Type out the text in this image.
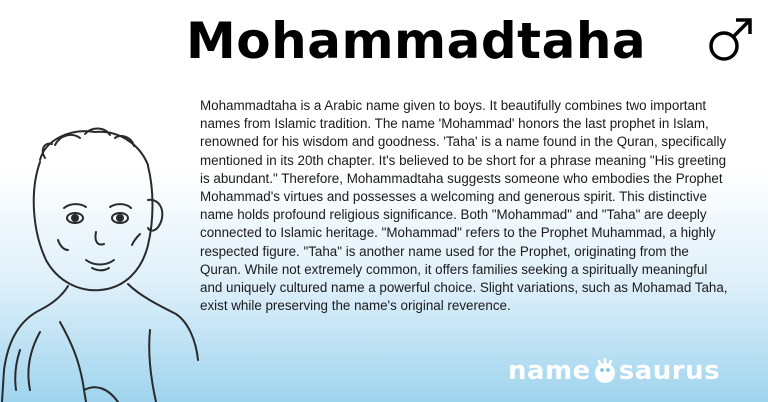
Mohammadtaha
Mohammadtaha is a Arabic name given to boys. It beautifully combines two important names from Islamic tradition. The name 'Mohammad' honors the last prophet in Islam, renowned for his wisdom and goodness. 'Taha' is a name found in the Quran, specifically mentioned in its 20th chapter. It's believed to be short for a phrase meaning "His greeting is abundant." Therefore, Mohammadtaha suggests someone who embodies the Prophet Mohammad's virtues and possesses a welcoming and generous spirit. This distinctive name holds profound religious significance. Both "Mohammad" and "Taha" are deeply connected to Islamic heritage. "Mohammad" refers to the Prophet Muhammad, a highly respected figure. "Taha" is another name used for the Prophet, originating from the Quran. While not extremely common, it offers families seeking a spiritually meaningful and uniquely cultured name a powerful choice. Slight variations, such as Mohamad Taha, exist while preserving the name's original reverence.
name saurus
